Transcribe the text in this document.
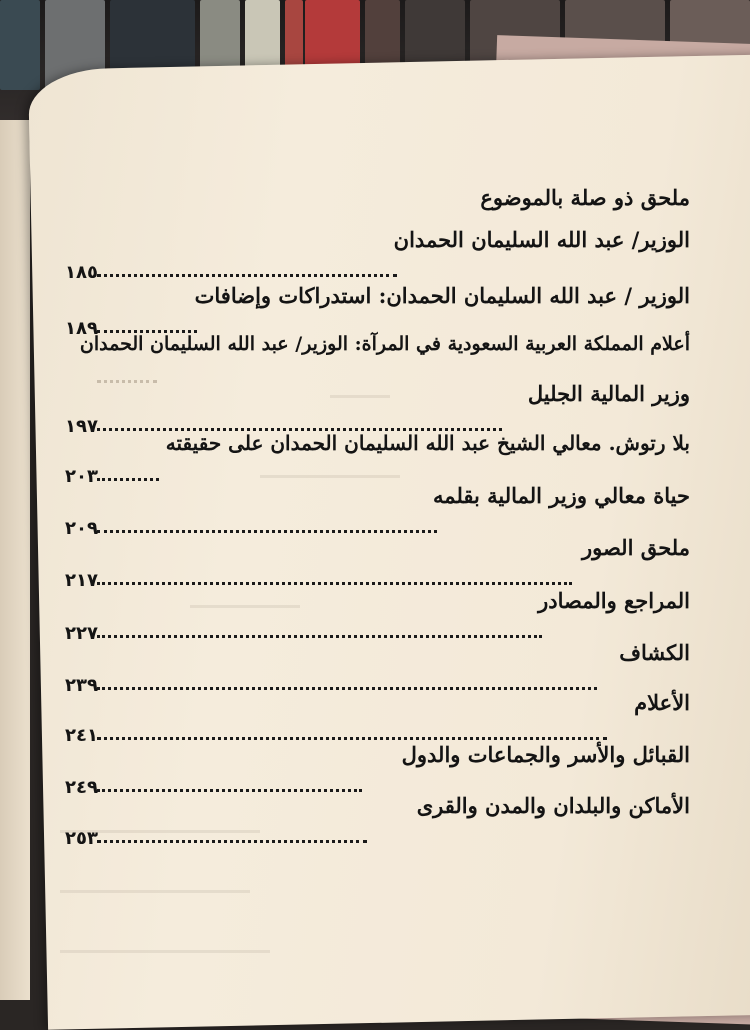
ملحق ذو صلة بالموضوع
الوزير/ عبد الله السليمان الحمدان
١٨٥
الوزير / عبد الله السليمان الحمدان: استدراكات وإضافات
١٨٩
أعلام المملكة العربية السعودية في المرآة: الوزير/ عبد الله السليمان الحمدان
وزير المالية الجليل
١٩٧
بلا رتوش. معالي الشيخ عبد الله السليمان الحمدان على حقيقته
٢٠٣
حياة معالي وزير المالية بقلمه
٢٠٩
ملحق الصور
٢١٧
المراجع والمصادر
٢٢٧
الكشاف
٢٣٩
الأعلام
٢٤١
القبائل والأسر والجماعات والدول
٢٤٩
الأماكن والبلدان والمدن والقرى
٢٥٣
